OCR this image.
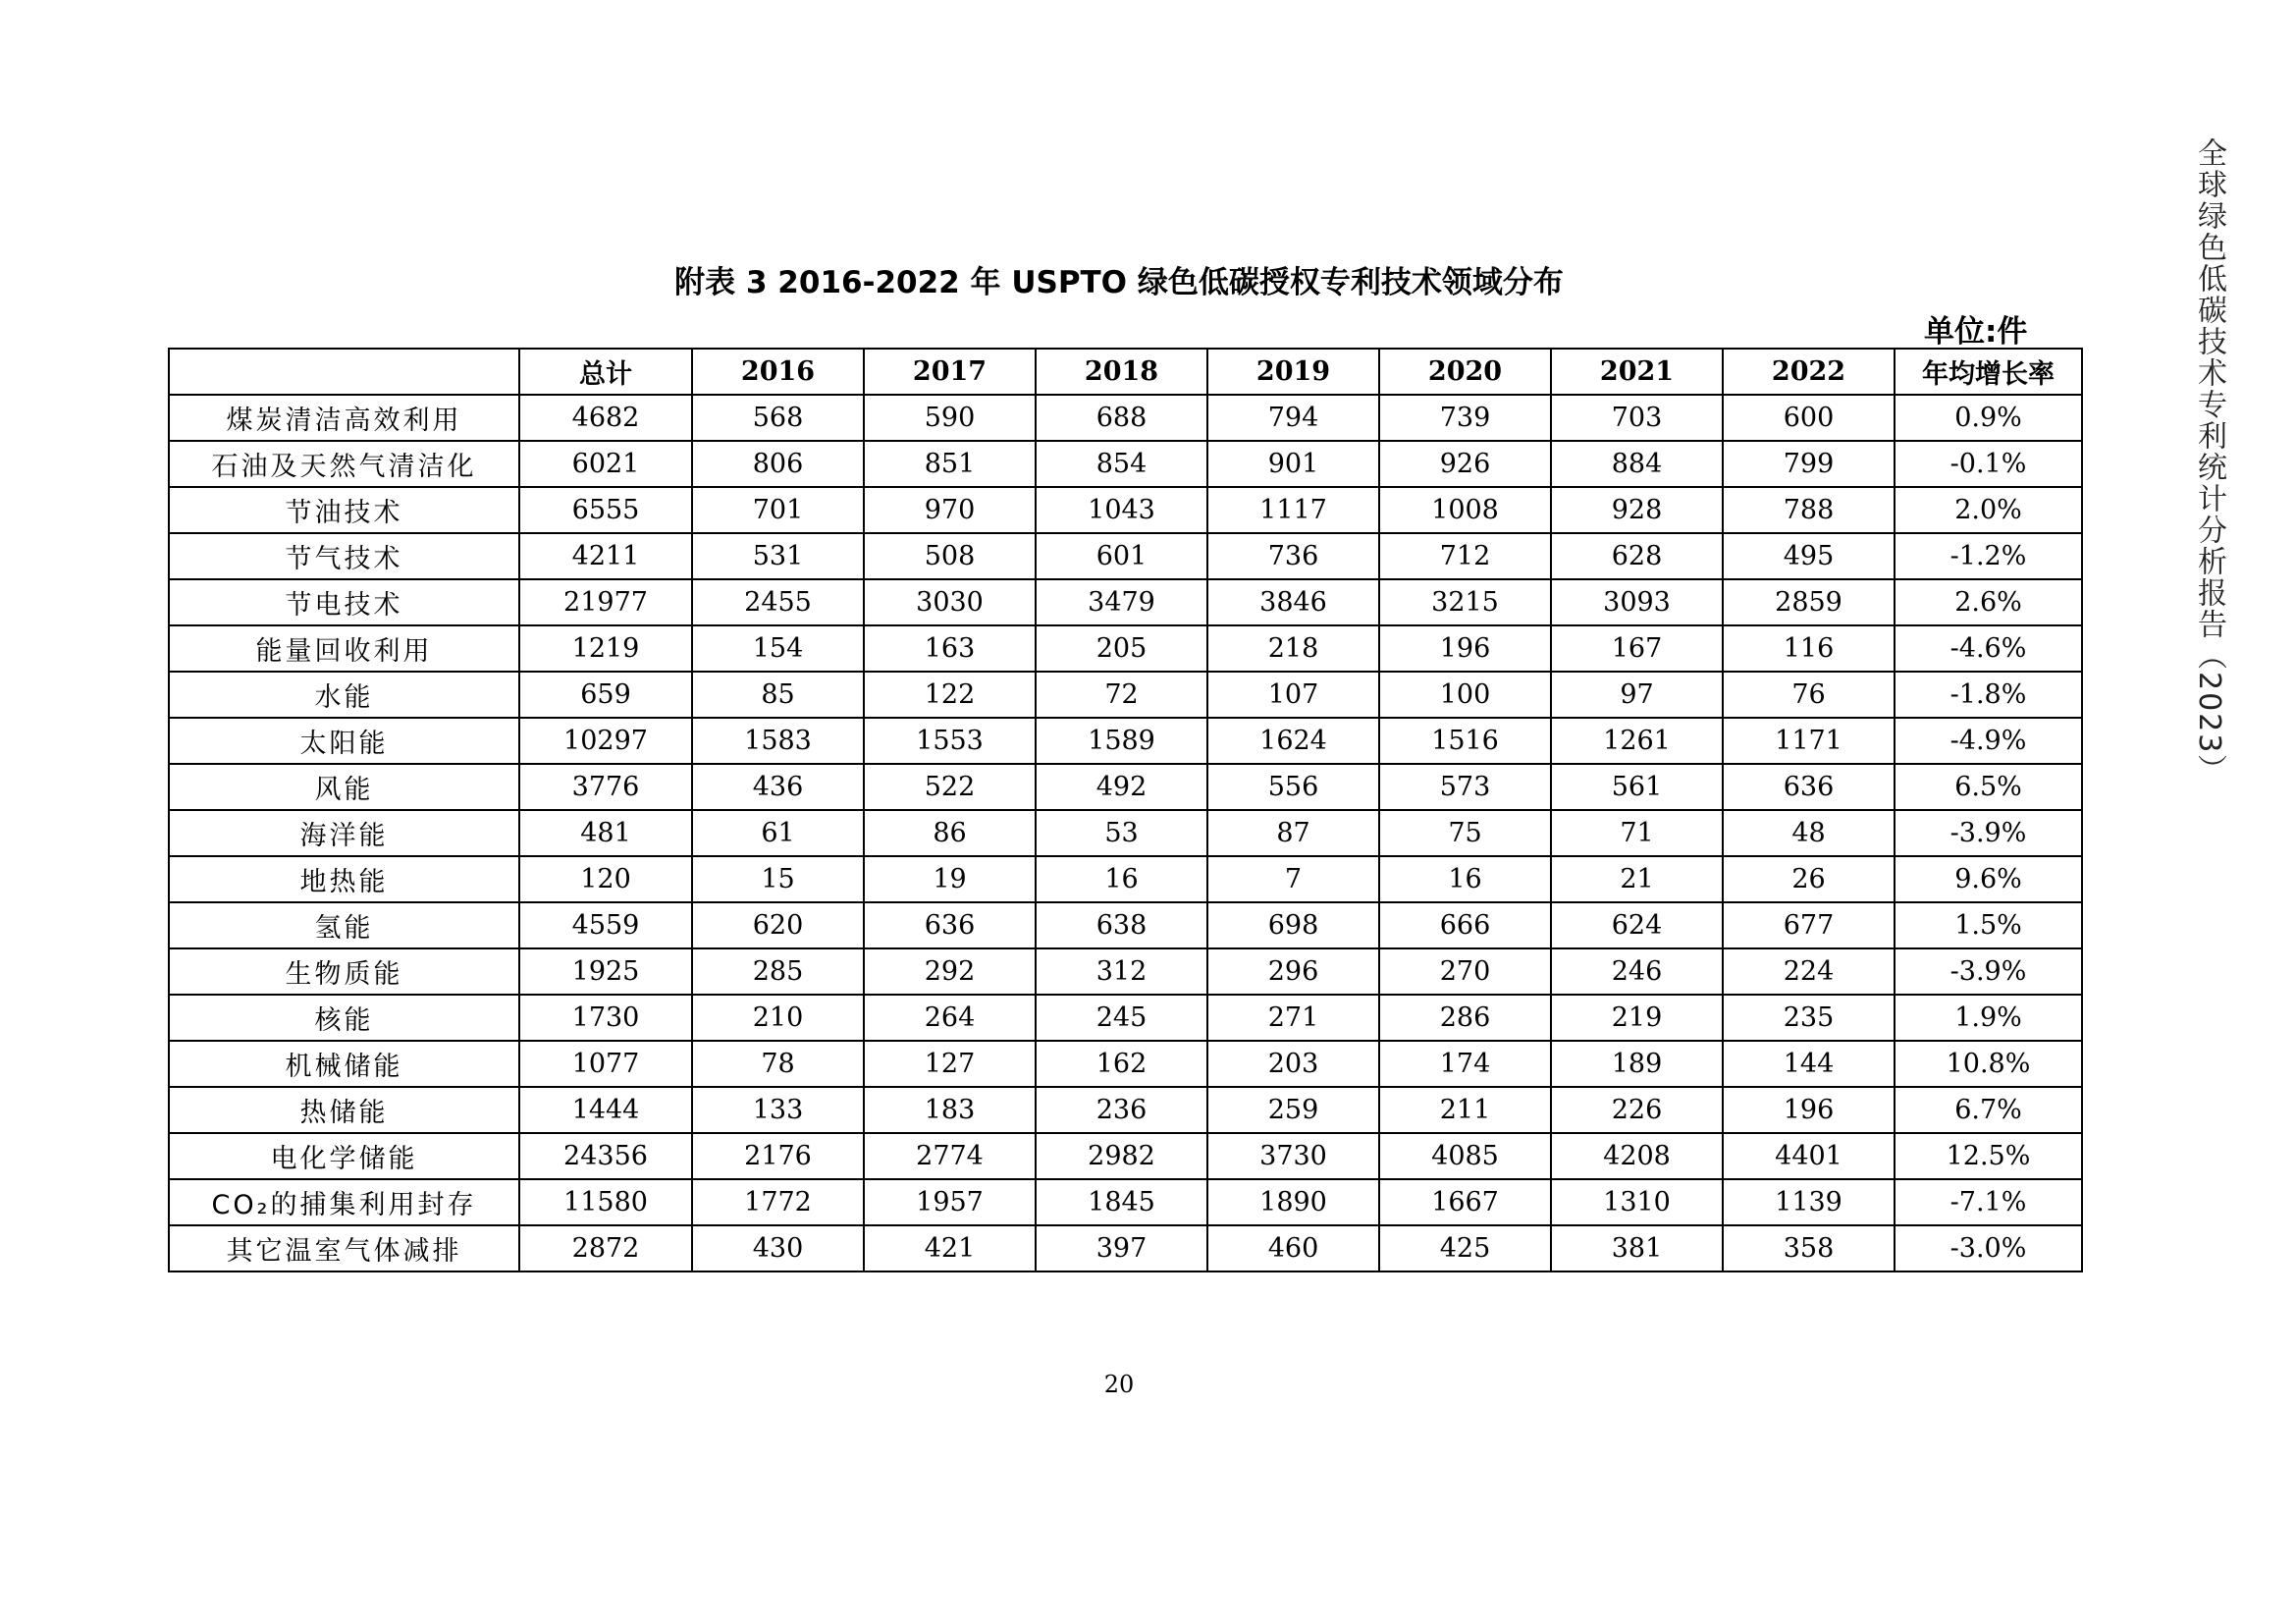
全球绿色低碳技术专利统计分析报告（2023）
附表 3 2016-2022 年 USPTO 绿色低碳授权专利技术领域分布
单位:件
	总计	2016	2017	2018	2019	2020	2021	2022	年均增长率
煤炭清洁高效利用	4682	568	590	688	794	739	703	600	0.9%
石油及天然气清洁化	6021	806	851	854	901	926	884	799	-0.1%
节油技术	6555	701	970	1043	1117	1008	928	788	2.0%
节气技术	4211	531	508	601	736	712	628	495	-1.2%
节电技术	21977	2455	3030	3479	3846	3215	3093	2859	2.6%
能量回收利用	1219	154	163	205	218	196	167	116	-4.6%
水能	659	85	122	72	107	100	97	76	-1.8%
太阳能	10297	1583	1553	1589	1624	1516	1261	1171	-4.9%
风能	3776	436	522	492	556	573	561	636	6.5%
海洋能	481	61	86	53	87	75	71	48	-3.9%
地热能	120	15	19	16	7	16	21	26	9.6%
氢能	4559	620	636	638	698	666	624	677	1.5%
生物质能	1925	285	292	312	296	270	246	224	-3.9%
核能	1730	210	264	245	271	286	219	235	1.9%
机械储能	1077	78	127	162	203	174	189	144	10.8%
热储能	1444	133	183	236	259	211	226	196	6.7%
电化学储能	24356	2176	2774	2982	3730	4085	4208	4401	12.5%
CO₂的捕集利用封存	11580	1772	1957	1845	1890	1667	1310	1139	-7.1%
其它温室气体减排	2872	430	421	397	460	425	381	358	-3.0%
20
